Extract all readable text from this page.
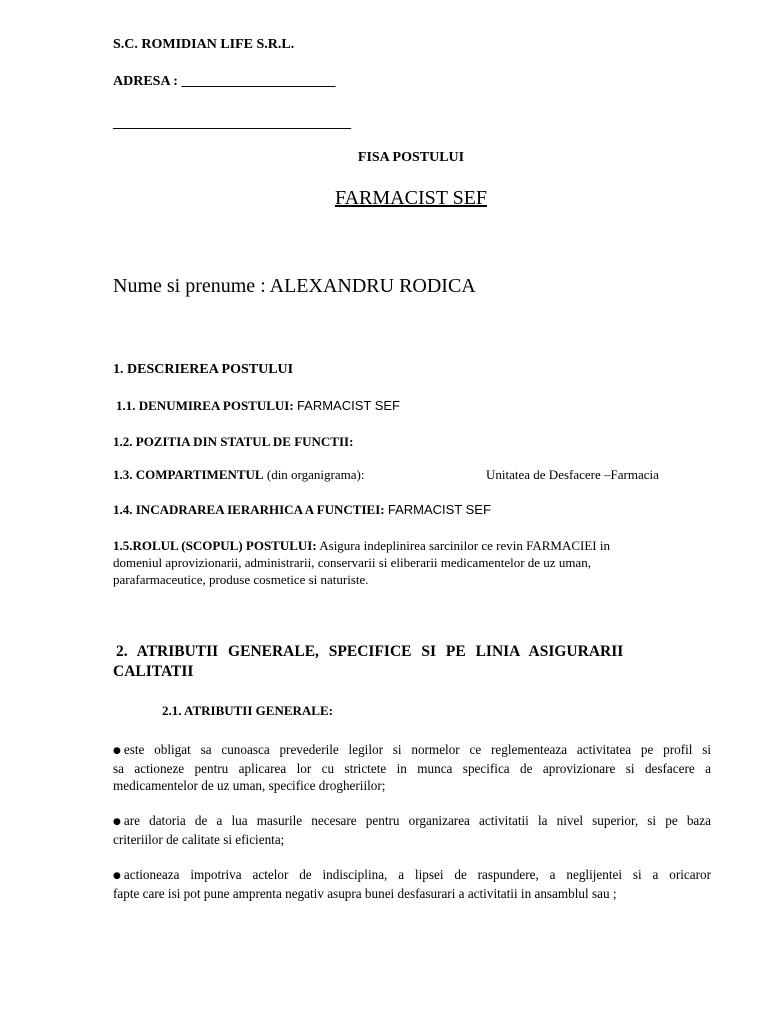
S.C. ROMIDIAN LIFE S.R.L.

ADRESA : ______________________

__________________________________

FISA POSTULUI

FARMACIST SEF

Nume si prenume : ALEXANDRU RODICA

1. DESCRIEREA POSTULUI

1.1. DENUMIREA POSTULUI: FARMACIST SEF

1.2. POZITIA DIN STATUL DE FUNCTII:

1.3. COMPARTIMENTUL (din organigrama):	Unitatea de Desfacere –Farmacia

1.4. INCADRAREA IERARHICA A FUNCTIEI: FARMACIST SEF

1.5.ROLUL (SCOPUL) POSTULUI: Asigura indeplinirea sarcinilor ce revin FARMACIEI in
domeniul aprovizionarii, administrarii, conservarii si eliberarii medicamentelor de uz uman,
parafarmaceutice, produse cosmetice si naturiste.
2. ATRIBUTII GENERALE, SPECIFICE SI PE LINIA ASIGURARII
CALITATII

2.1. ATRIBUTII GENERALE:

● este obligat sa cunoasca prevederile legilor si normelor ce reglementeaza activitatea pe profil si
sa actioneze pentru aplicarea lor cu strictete in munca specifica de aprovizionare si desfacere a
medicamentelor de uz uman, specifice drogheriilor;
● are datoria de a lua masurile necesare pentru organizarea activitatii la nivel superior, si pe baza
criteriilor de calitate si eficienta;
● actioneaza impotriva actelor de indisciplina, a lipsei de raspundere, a neglijentei si a oricaror
fapte care isi pot pune amprenta negativ asupra bunei desfasurari a activitatii in ansamblul sau ;
